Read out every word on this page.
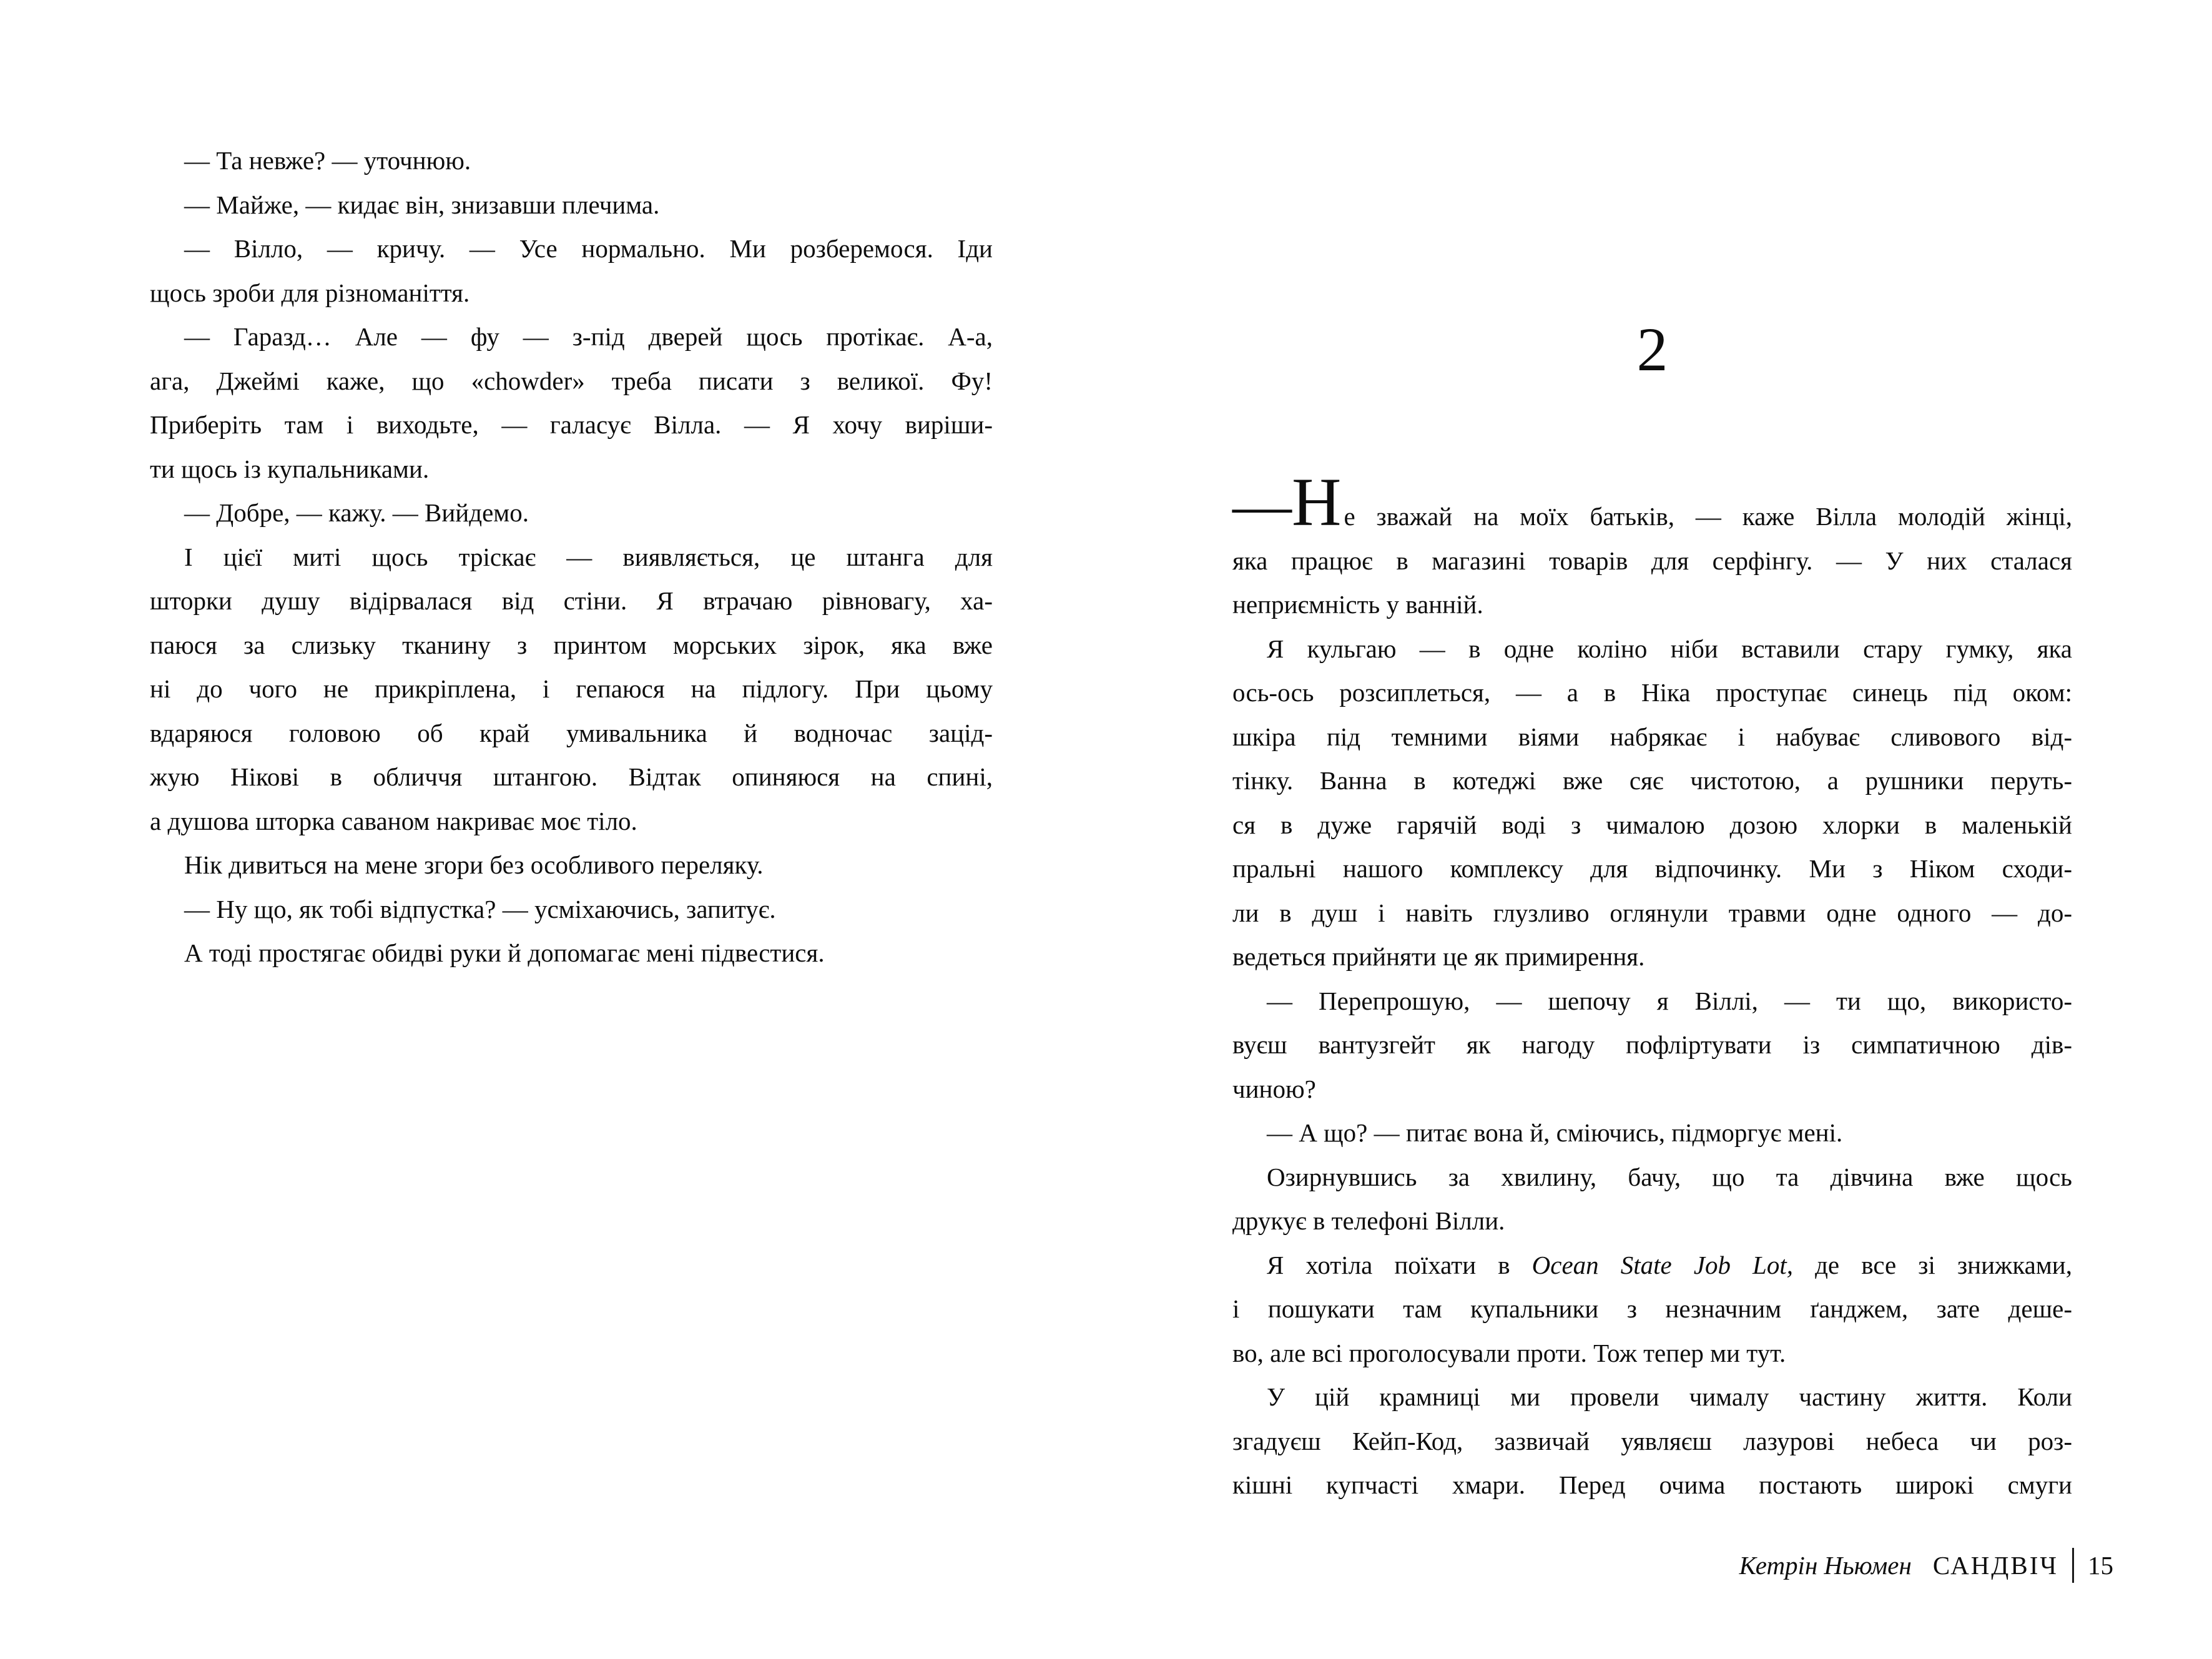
— Та невже? — уточнюю.

— Майже, — кидає він, знизавши плечима.

— Вілло, — кричу. — Усе нормально. Ми розберемося. Іди

щось зроби для різноманіття.

— Гаразд… Але — фу — з-під дверей щось протікає. А-а,

ага, Джеймі каже, що «chowder» треба писати з великої. Фу!

Приберіть там і виходьте, — галасує Вілла. — Я хочу виріши-

ти щось із купальниками.

— Добре, — кажу. — Вийдемо.

І цієї миті щось тріскає — виявляється, це штанга для

шторки душу відірвалася від стіни. Я втрачаю рівновагу, ха-

паюся за слизьку тканину з принтом морських зірок, яка вже

ні до чого не прикріплена, і гепаюся на підлогу. При цьому

вдаряюся головою об край умивальника й водночас зацід-

жую Нікові в обличчя штангою. Відтак опиняюся на спині,

а душова шторка саваном накриває моє тіло.

Нік дивиться на мене згори без особливого переляку.

— Ну що, як тобі відпустка? — усміхаючись, запитує.

А тоді простягає обидві руки й допомагає мені підвестися.

2

—Не зважай на моїх батьків, — каже Вілла молодій жінці,

яка працює в магазині товарів для серфінгу. — У них сталася

неприємність у ванній.

Я кульгаю — в одне коліно ніби вставили стару гумку, яка

ось-ось розсиплеться, — а в Ніка проступає синець під оком:

шкіра під темними віями набрякає і набуває сливового від-

тінку. Ванна в котеджі вже сяє чистотою, а рушники перуть-

ся в дуже гарячій воді з чималою дозою хлорки в маленькій

пральні нашого комплексу для відпочинку. Ми з Ніком сходи-

ли в душ і навіть глузливо оглянули травми одне одного — до-

ведеться прийняти це як примирення.

— Перепрошую, — шепочу я Віллі, — ти що, використо-

вуєш вантузгейт як нагоду пофліртувати із симпатичною дів-

чиною?

— А що? — питає вона й, сміючись, підморгує мені.

Озирнувшись за хвилину, бачу, що та дівчина вже щось

друкує в телефоні Вілли.

Я хотіла поїхати в Ocean State Job Lot, де все зі знижками,

і пошукати там купальники з незначним ґанджем, зате деше-

во, але всі проголосували проти. Тож тепер ми тут.

У цій крамниці ми провели чималу частину життя. Коли

згадуєш Кейп-Код, зазвичай уявляєш лазурові небеса чи роз-

кішні купчасті хмари. Перед очима постають широкі смуги

Кетрін Ньюмен САНДВІЧ 15
